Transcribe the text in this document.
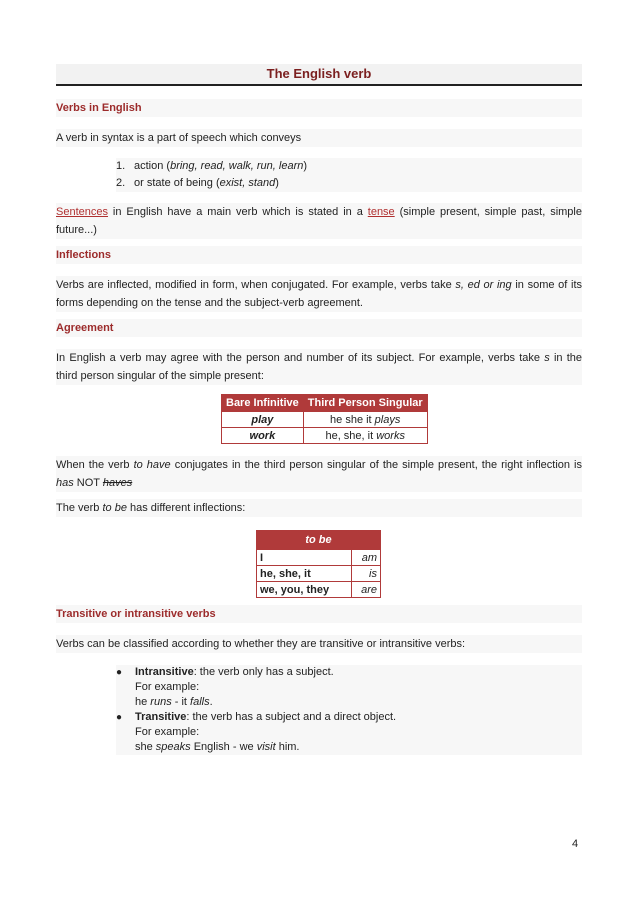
The English verb
Verbs in English
A verb in syntax is a part of speech which conveys
1. action (bring, read, walk, run, learn)
2. or state of being (exist, stand)
Sentences in English have a main verb which is stated in a tense (simple present, simple past, simple future...)
Inflections
Verbs are inflected, modified in form, when conjugated. For example, verbs take s, ed or ing in some of its forms depending on the tense and the subject-verb agreement.
Agreement
In English a verb may agree with the person and number of its subject. For example, verbs take s in the third person singular of the simple present:
Bare Infinitive	Third Person Singular
play	he she it plays
work	he, she, it works
When the verb to have conjugates in the third person singular of the simple present, the right inflection is has NOT haves
The verb to be has different inflections:
to be	
I	am
he, she, it	is
we, you, they	are
Transitive or intransitive verbs
Verbs can be classified according to whether they are transitive or intransitive verbs:
●	Intransitive: the verb only has a subject.
For example:
he runs - it falls.
●	Transitive: the verb has a subject and a direct object.
For example:
she speaks English - we visit him.
4
